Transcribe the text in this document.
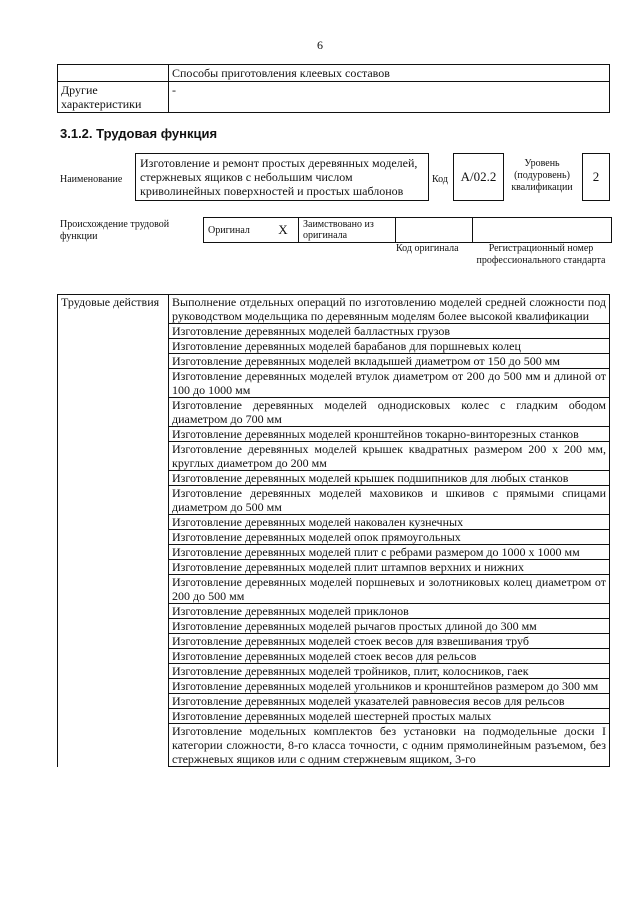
6
	Способы приготовления клеевых составов
Другие характеристики	-
3.1.2. Трудовая функция
Наименование
Изготовление и ремонт простых деревянных моделей, стержневых ящиков с небольшим числом криволинейных поверхностей и простых шаблонов
Код А/02.2
Уровень (подуровень) квалификации
2
Происхождение трудовой функции
Оригинал	X	Заимствовано из оригинала		
Код оригинала	Регистрационный номер профессионального стандарта
Трудовые действия	Выполнение отдельных операций по изготовлению моделей средней сложности под руководством модельщика по деревянным моделям более высокой квалификации
Изготовление деревянных моделей балластных грузов
Изготовление деревянных моделей барабанов для поршневых колец
Изготовление деревянных моделей вкладышей диаметром от 150 до 500 мм
Изготовление деревянных моделей втулок диаметром от 200 до 500 мм и длиной от 100 до 1000 мм
Изготовление деревянных моделей однодисковых колес с гладким ободом диаметром до 700 мм
Изготовление деревянных моделей кронштейнов токарно-винторезных станков
Изготовление деревянных моделей крышек квадратных размером 200 х 200 мм, круглых диаметром до 200 мм
Изготовление деревянных моделей крышек подшипников для любых станков
Изготовление деревянных моделей маховиков и шкивов с прямыми спицами диаметром до 500 мм
Изготовление деревянных моделей наковален кузнечных
Изготовление деревянных моделей опок прямоугольных
Изготовление деревянных моделей плит с ребрами размером до 1000 х 1000 мм
Изготовление деревянных моделей плит штампов верхних и нижних
Изготовление деревянных моделей поршневых и золотниковых колец диаметром от 200 до 500 мм
Изготовление деревянных моделей приклонов
Изготовление деревянных моделей рычагов простых длиной до 300 мм
Изготовление деревянных моделей стоек весов для взвешивания труб
Изготовление деревянных моделей стоек весов для рельсов
Изготовление деревянных моделей тройников, плит, колосников, гаек
Изготовление деревянных моделей угольников и кронштейнов размером до 300 мм
Изготовление деревянных моделей указателей равновесия весов для рельсов
Изготовление деревянных моделей шестерней простых малых
Изготовление модельных комплектов без установки на подмодельные доски I категории сложности, 8-го класса точности, с одним прямолинейным разъемом, без стержневых ящиков или с одним стержневым ящиком, 3-го
